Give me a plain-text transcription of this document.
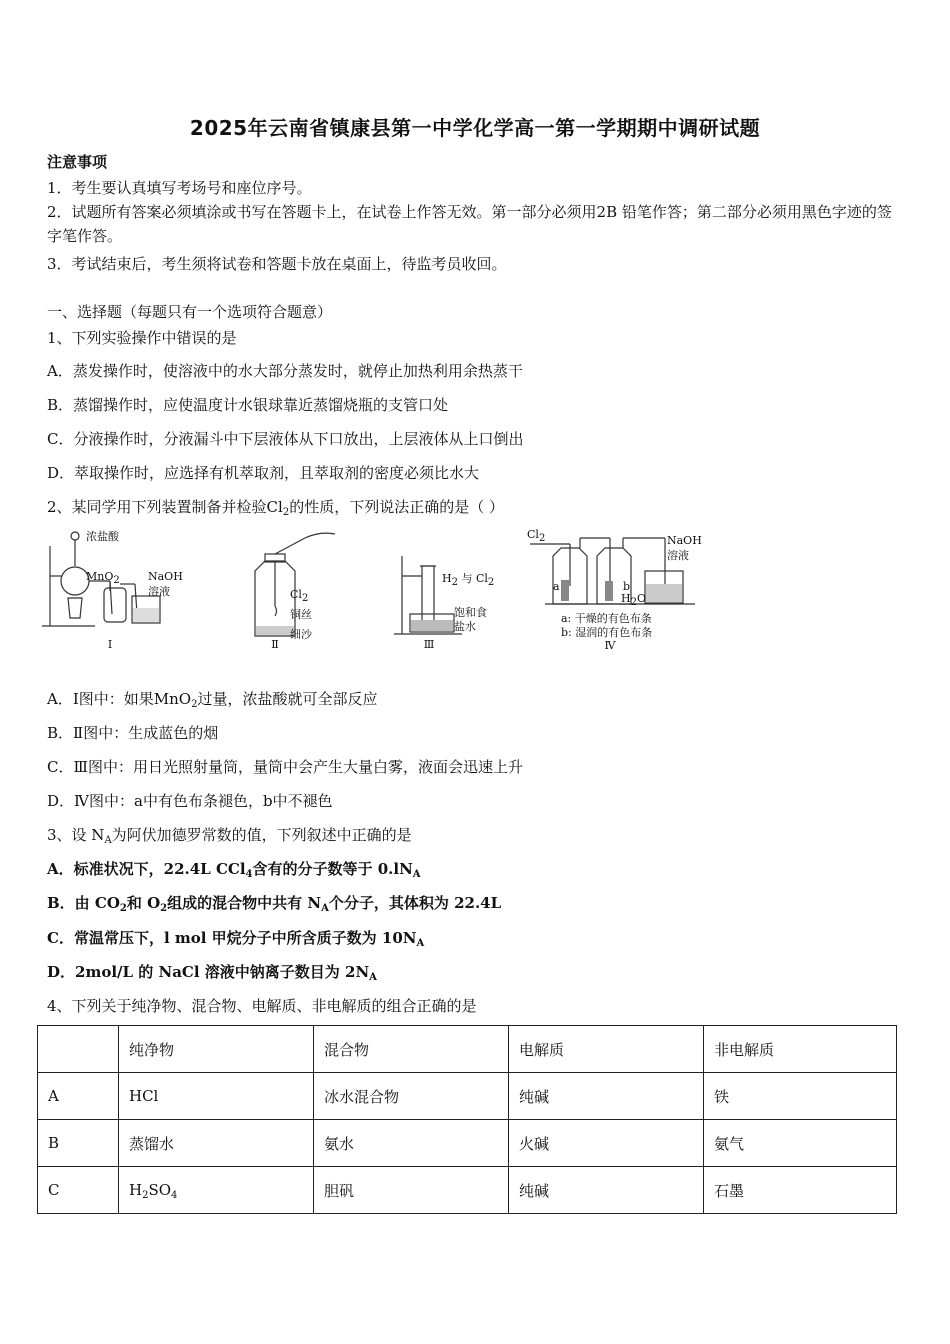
2025年云南省镇康县第一中学化学高一第一学期期中调研试题
注意事项
1．考生要认真填写考场号和座位序号。
2．试题所有答案必须填涂或书写在答题卡上，在试卷上作答无效。第一部分必须用2B 铅笔作答；第二部分必须用黑色字迹的签字笔作答。
3．考试结束后，考生须将试卷和答题卡放在桌面上，待监考员收回。
一、选择题（每题只有一个选项符合题意）
1、下列实验操作中错误的是
A．蒸发操作时，使溶液中的水大部分蒸发时，就停止加热利用余热蒸干
B．蒸馏操作时，应使温度计水银球靠近蒸馏烧瓶的支管口处
C．分液操作时，分液漏斗中下层液体从下口放出，上层液体从上口倒出
D．萃取操作时，应选择有机萃取剂，且萃取剂的密度必须比水大
2、某同学用下列装置制备并检验$Cl_2$的性质，下列说法正确的是（ ）
浓盐酸
MnO$_2$	NaOH
溶液
Ⅰ
$Cl_2$
铜丝
细沙
Ⅱ
$H_2$ 与 $Cl_2$
饱和食
盐水
Ⅲ
$Cl_2$	NaOH
溶液
a	b
$H_2O$
a: 干燥的有色布条
b: 湿润的有色布条
Ⅳ
A．Ⅰ图中：如果MnO$_2$过量，浓盐酸就可全部反应
B．Ⅱ图中：生成蓝色的烟
C．Ⅲ图中：用日光照射量筒，量筒中会产生大量白雾，液面会迅速上升
D．Ⅳ图中：a中有色布条褪色，b中不褪色
3、设 $N_A$为阿伏加德罗常数的值，下列叙述中正确的是
A．标准状况下，22.4L CCl$_4$含有的分子数等于 $0.lN_A$
B．由 $CO_2$和 $O_2$组成的混合物中共有 $N_A$个分子，其体积为 22.4L
C．常温常压下，l mol 甲烷分子中所含质子数为 $10N_A$
D．2mol/L 的 NaCl 溶液中钠离子数目为 $2N_A$
4、下列关于纯净物、混合物、电解质、非电解质的组合正确的是
	纯净物	混合物	电解质	非电解质
A	HCl	冰水混合物	纯碱	铁
B	蒸馏水	氨水	火碱	氨气
C	$H_2SO_4$	胆矾	纯碱	石墨
